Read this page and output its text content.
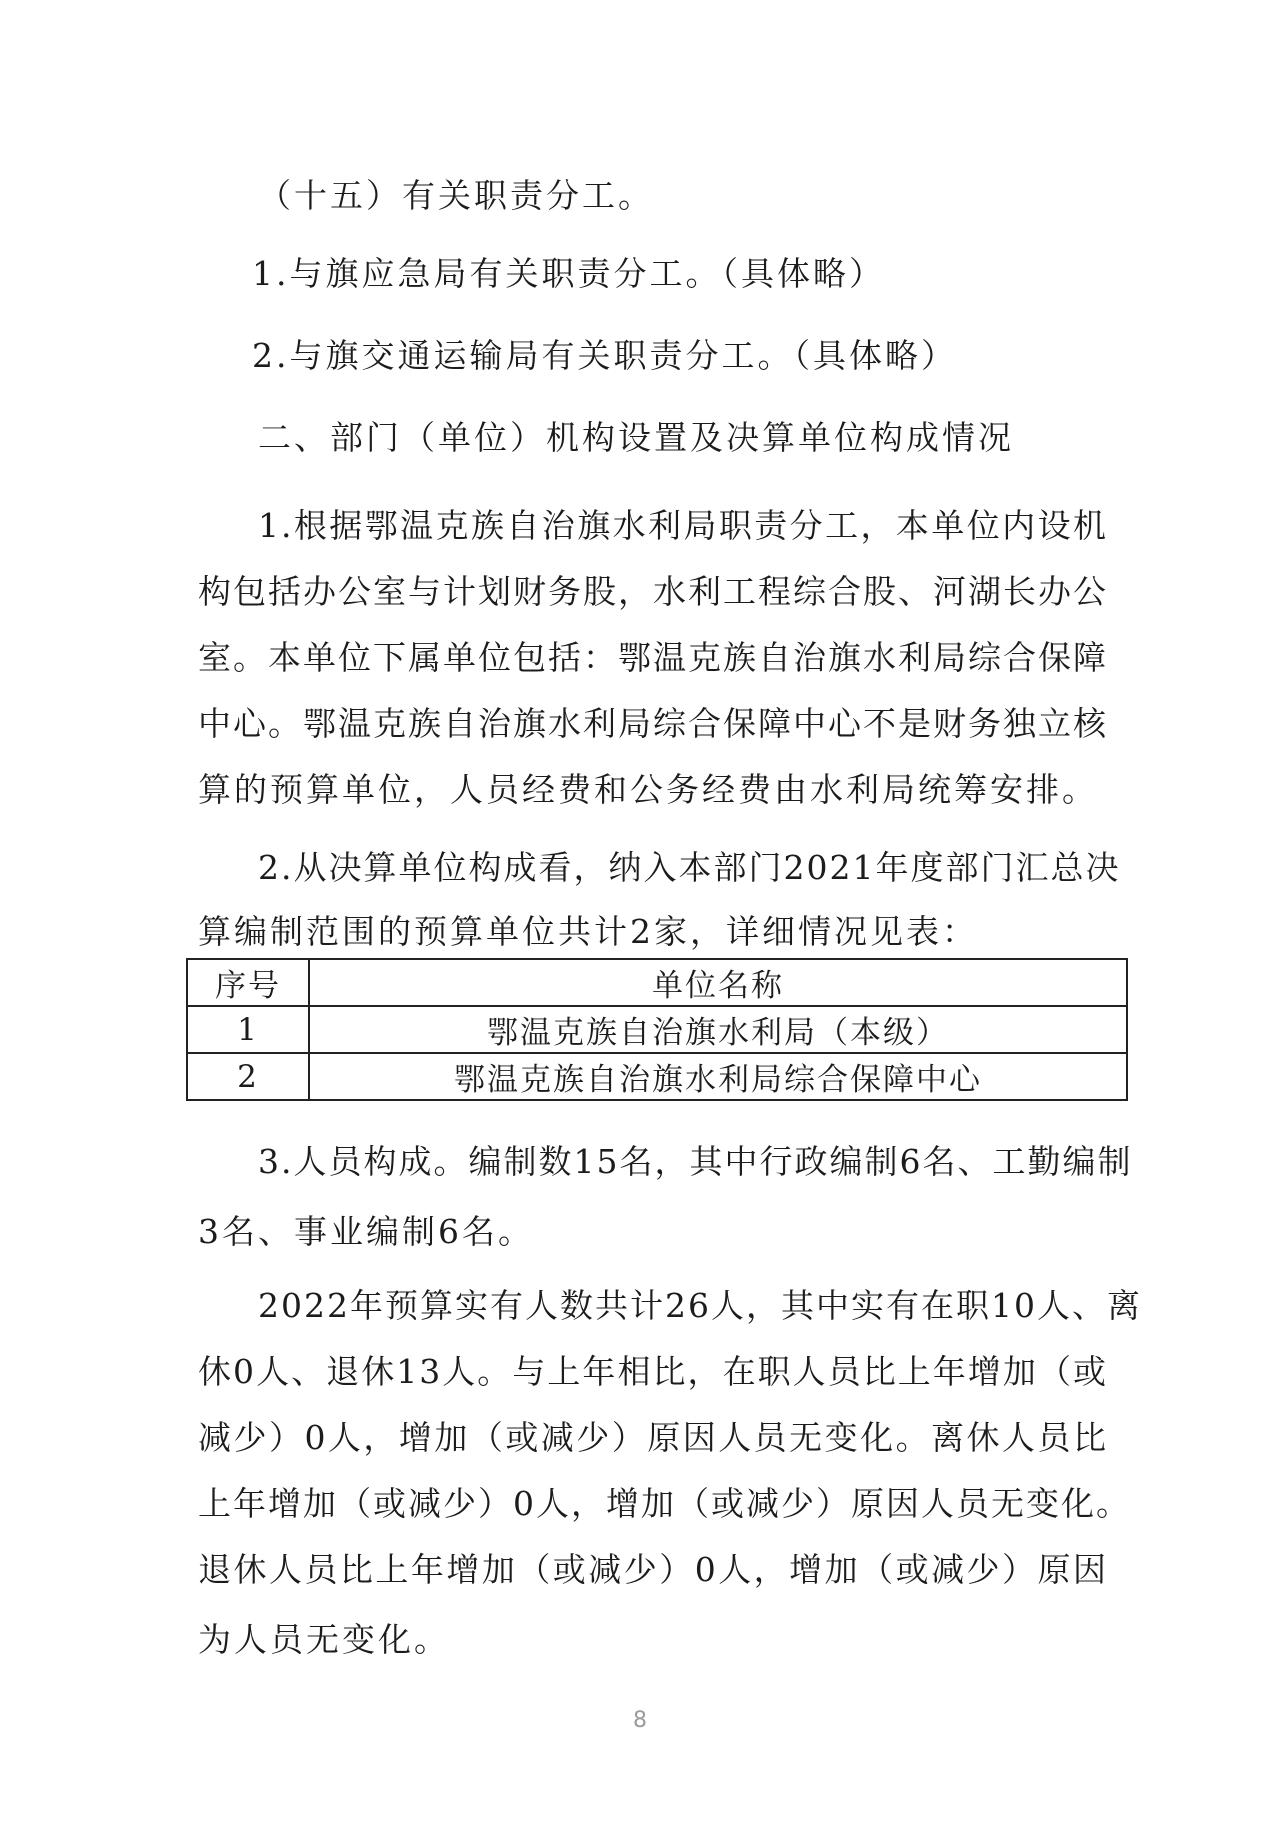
（十五）有关职责分工。
1.与旗应急局有关职责分工。（具体略）
2.与旗交通运输局有关职责分工。（具体略）
二、部门（单位）机构设置及决算单位构成情况
1.根据鄂温克族自治旗水利局职责分工，本单位内设机
构包括办公室与计划财务股，水利工程综合股、河湖长办公
室。本单位下属单位包括：鄂温克族自治旗水利局综合保障
中心。鄂温克族自治旗水利局综合保障中心不是财务独立核
算的预算单位，人员经费和公务经费由水利局统筹安排。
2.从决算单位构成看，纳入本部门2021年度部门汇总决
算编制范围的预算单位共计2家，详细情况见表：
序号	单位名称
1	鄂温克族自治旗水利局（本级）
2	鄂温克族自治旗水利局综合保障中心
3.人员构成。编制数15名，其中行政编制6名、工勤编制
3名、事业编制6名。
2022年预算实有人数共计26人，其中实有在职10人、离
休0人、退休13人。与上年相比，在职人员比上年增加（或
减少）0人，增加（或减少）原因人员无变化。离休人员比
上年增加（或减少）0人，增加（或减少）原因人员无变化。
退休人员比上年增加（或减少）0人，增加（或减少）原因
为人员无变化。
8
